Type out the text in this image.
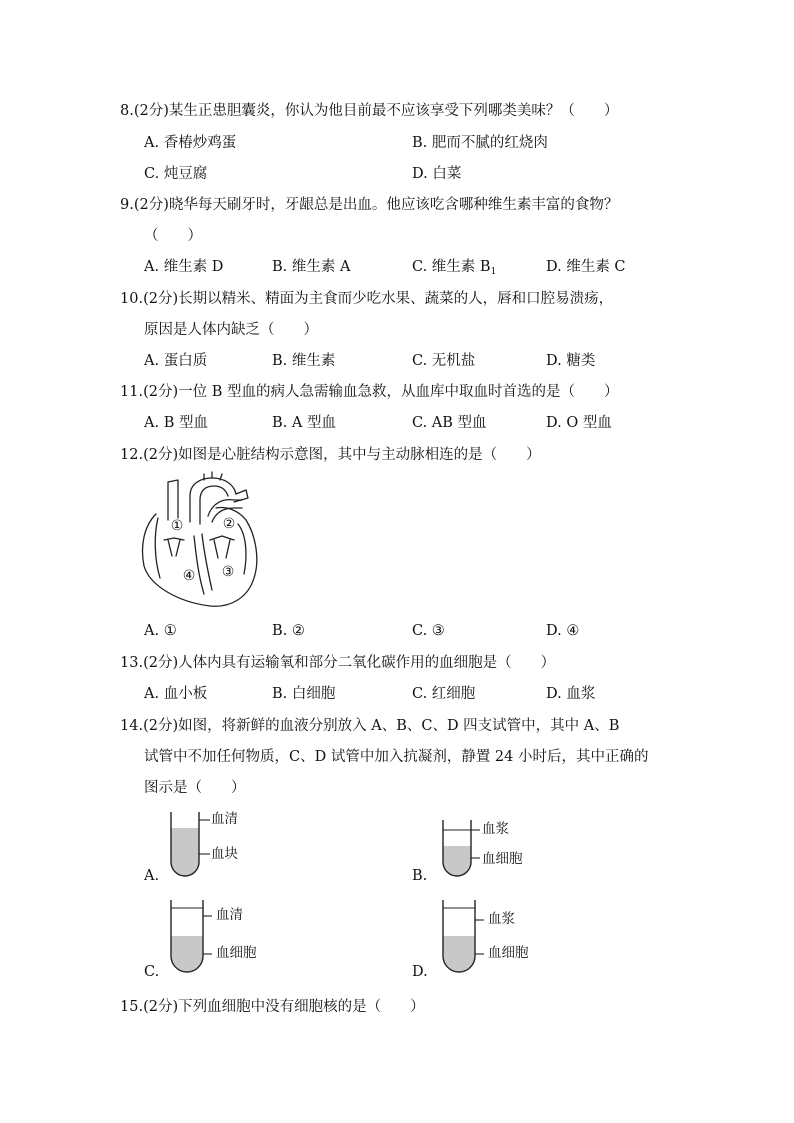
8.(2分)某生正患胆囊炎，你认为他目前最不应该享受下列哪类美味？（　　）
A. 香椿炒鸡蛋	B. 肥而不腻的红烧肉
C. 炖豆腐	D. 白菜
9.(2分)晓华每天刷牙时，牙龈总是出血。他应该吃含哪种维生素丰富的食物？
（　　）
A. 维生素 D	B. 维生素 A	C. 维生素 $B_1$	D. 维生素 C
10.(2分)长期以精米、精面为主食而少吃水果、蔬菜的人，唇和口腔易溃疡，
原因是人体内缺乏（　　）
A. 蛋白质	B. 维生素	C. 无机盐	D. 糖类
11.(2分)一位 B 型血的病人急需输血急救，从血库中取血时首选的是（　　）
A. B 型血	B. A 型血	C. AB 型血	D. O 型血
12.(2分)如图是心脏结构示意图，其中与主动脉相连的是（　　）
①	②
③
④
A. ①	B. ②	C. ③	D. ④
13.(2分)人体内具有运输氧和部分二氧化碳作用的血细胞是（　　）
A. 血小板	B. 白细胞	C. 红细胞	D. 血浆
14.(2分)如图，将新鲜的血液分别放入 A、B、C、D 四支试管中，其中 A、B
试管中不加任何物质，C、D 试管中加入抗凝剂，静置 24 小时后，其中正确的
图示是（　　）
血清
血块
A.
血浆
血细胞
B.
血清
血细胞
C.
血浆
血细胞
D.
15.(2分)下列血细胞中没有细胞核的是（　　）
